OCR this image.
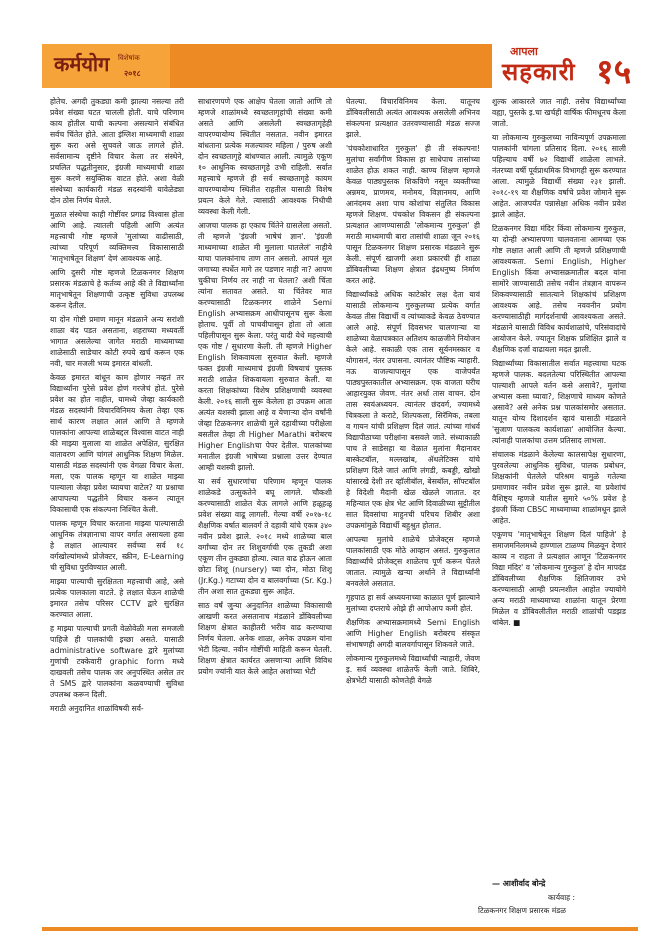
कर्मयोग विशेषांक
२०१८
आपला
सहकारी १५

होतेच. अगदी तुकड्या कमी झाल्या नसल्या तरी प्रवेश संख्या घटत चालली होती. याचे परिणाम काय होतील याची कल्पना असल्याने संबंधित सर्वच चिंतेत होते. आता इंग्लिश माध्यमाची शाळा सुरू करा असे सुचवले जाऊ लागले होते. सर्वसामान्य दृष्टीने विचार केला तर संस्थेने, प्रचलित पद्धतीनुसार, इंग्रजी माध्यमाची शाळा सुरू करणे सयुक्तिक वाटत होते. अशा वेळी संस्थेच्या कार्यकारी मंडळ सदस्यांनी यावेळेड्या दोन ठोस निर्णय घेतले.

मुळात संस्थेचा काही गोष्टींवर प्रगाढ विश्वास होता आणि आहे. त्यातली पहिली आणि अत्यंत महत्त्वाची गोष्ट म्हणजे 'मुलांच्या वाढीसाठी, त्यांच्या परिपूर्ण व्यक्तिमत्त्व विकासासाठी 'मातृभाषेतून शिक्षण' देणं आवश्यक आहे.

आणि दुसरी गोष्ट म्हणजे टिळकनगर शिक्षण प्रसारक मंडळाचे हे कर्तव्य आहे की ते विद्यार्थ्यांना मातृभाषेतून शिक्षणाची उत्कृष्ट सुविधा उपलब्ध करून देतील.

या दोन गोष्टी प्रमाण मानून मंडळाने अन्य सरांशी शाळा बंद पडत असताना, शहराच्या मध्यवर्ती भागात असलेल्या जागेत मराठी माध्यमाच्या शाळेसाठी साडेचार कोटी रुपये खर्च करून एक नवी, चार मजली भव्य इमारत बांधली.

केवळ इमारत बांधून काम होणार नव्हतं तर विद्यार्थ्यांना पुरेसे प्रवेश होणं गरजेचं होतं. पुरेसे प्रवेश का होत नाहीत, यामध्ये जेव्हा कार्यकारी मंडळ सदस्यांनी विचारविनिमय केला तेव्हा एक सार्थ कारण लक्षात आलं आणि ते म्हणजे पालकांना आपल्या शाळेबद्दल विश्वास वाटत नाही की माझ्या मुलाला या शाळेत अपेक्षित, सुरक्षित वातावरण आणि चांगलं आधुनिक शिक्षण मिळेल. यासाठी मंडळ सदस्यांनी एक वेगळा विचार केला. मला, एक पालक म्हणून या शाळेत माझ्या पाल्याला जेव्हा प्रवेश घ्यायचा वाटेल? या प्रश्नाचा आपापल्या पद्धतीने विचार करून त्यातून विकासाची एक संकल्पना निश्चित केली.

पालक म्हणून विचार करताना माझ्या पाल्यासाठी आधुनिक तंत्रज्ञानाचा वापर वर्गात असायला हवा हे लक्षात आल्यावर सर्वच्या सर्व १८ वर्गखोल्यांमध्ये प्रोजेक्टर, स्क्रीन, E-Learning ची सुविधा पुरविण्यात आली.

माझ्या पाल्याची सुरक्षितता महत्त्वाची आहे, असे प्रत्येक पालकाला वाटते. हे लक्षात घेऊन शाळेची इमारत तसेच परिसर CCTV द्वारे सुरक्षित करण्यात आला.

ह माझ्या पाल्याची प्रगती वेळोवेळी मला समजली पाहिजे ही पालकांची इच्छा असते. यासाठी administrative software द्वारे मुलांच्या गुणांची टक्केवारी graphic form मध्ये दाखवली तसेच पालक जर अनुपस्थित असेल तर ते SMS द्वारे पालकांना कळवण्याची सुविधा उपलब्ध करून दिली.

मराठी अनुदानित शाळांविषयी सर्व-

साधारणपणे एक आक्षेप घेतला जातो आणि तो म्हणजे शाळांमध्ये स्वच्छतागृहांची संख्या कमी असते आणि असलेली स्वच्छतागृहेही वापरण्यायोग्य स्थितीत नसतात. नवीन इमारत बांधताना प्रत्येक मजल्यावर महिला / पुरुष अशी दोन स्वच्छतागृहे बांधण्यात आली. त्यामुळे एकूण १० आधुनिक स्वच्छतागृहे उभी राहिली. सर्वात महत्त्वाचे म्हणजे ही सर्व स्वच्छतागृहे कायम वापरण्यायोग्य स्थितीत राहतील यासाठी विशेष प्रयत्न केले गेले. त्यासाठी आवश्यक निधीची व्यवस्था केली गेली.

आजचा पालक हा एकाच चिंतेने ग्रासलेला असतो. ती म्हणजे 'इंग्रजी भाषेचं ज्ञान'. 'इंग्रजी माध्यमाच्या शाळेत मी मुलाला घातलेलं' नाहीये याचा पालकांनाच ताण तान असतो. आपलं मूल जगाच्या स्पर्धेत मागे तर पडणार नाही ना? आपण चुकीचा निर्णय तर नाही ना घेतला? अशी चिंता त्यांना सतावत असते. या चिंतेवर मात करण्यासाठी टिळकनगर शाळेने Semi English अभ्यासक्रम आधीपासूनच सुरू केला होताच. पूर्वी तो पाचवीपासून होता तो आता पहिलीपासून सुरू केला. परंतु यादी येथे महत्त्वाची एक गोष्ट / सुधारणा केली. ती म्हणजे Higher English शिकवायला सुरुवात केली. म्हणजे फक्त इंग्रजी माध्यमाचं इंग्रजी विषयाचं पुस्तक मराठी शाळेत शिकवायला सुरुवात केली. या करता शिक्षकांच्या विशेष प्रशिक्षणाची व्यवस्था केली. २०१६ साली सुरू केलेला हा उपक्रम आता अत्यंत यशस्वी झाला आहे व येणाऱ्या दोन वर्षांनी जेव्हा टिळकनगर शाळेची मुले दहावीच्या परीक्षेला बसतील तेव्हा ती Higher Marathi बरोबरच Higher Englishचा पेपर देतील. पालकांच्या मनातील इंग्रजी भाषेच्या प्रश्नाला उत्तर देण्यात आम्ही यशस्वी झालो.

या सर्व सुधारणांचा परिणाम म्हणून पालक शाळेकडे उत्सुकतेने बघू लागले. चौकशी करण्यासाठी शाळेत येऊ लागले आणि हळूहळू प्रवेश संख्या वाढू लागली. गेल्या वर्षी २०१७-१८ शैक्षणिक वर्षात बालवर्ग ते दहावी यांचे एकत्र ३४० नवीन प्रवेश झाले. २०१८ मध्ये शाळेच्या बाल वर्गांच्या दोन तर शिशुवर्गाची एक तुकडी अशा एकूण तीन तुकड्या होत्या. त्यात वाढ होऊन आता छोटा शिशू (nursery) च्या दोन, मोठा शिशू (Jr.Kg.) गटाच्या दोन व बालवर्गाच्या (Sr. Kg.) तीन अशा सात तुकड्या सुरू आहेत.

साठ वर्षं जुन्या अनुदानित शाळेच्या विकासाची आखणी करत असतानाच मंडळाने डोंबिवलीच्या शिक्षण क्षेत्रात काहीतरी भरीव वाढ करण्याचा निर्णय घेतला. अनेक शाळा, अनेक उपक्रम यांना भेटी दिल्या. नवीन गोष्टींची माहिती करून घेतली. शिक्षण क्षेत्रात कार्यरत असणाऱ्या आणि विविध प्रयोग ज्यांनी यात केले आहेत अशांच्या भेटी

घेतल्या. विचारविनिमय केला. यातूनच डोंबिवलीसाठी अत्यंत आवश्यक असलेली अभिनव संकल्पना प्रत्यक्षात उतरवण्यासाठी मंडळ सज्ज झाले.

'पंचकोशाधारित गुरुकुल' ही ती संकल्पना! मुलांचा सर्वांगीण विकास हा साधेपाच तासांच्या शाळेत होऊ शकत नाही. काण्य शिक्षण म्हणजे केवळ पाठ्यपुस्तक शिकविणे नसून व्यक्तीच्या अन्नमय, प्राणमय, मनोमय, विज्ञानमय, आणि आनंदमय अशा पाच कोशांचा संतुलित विकास म्हणजे शिक्षण. पंचकोश विकसन ही संकल्पना प्रत्यक्षात आणण्यासाठी 'लोकमान्य गुरुकुल' ही मराठी माध्यमाची बारा तासांची शाळा जून २०१६ पासून टिळकनगर शिक्षण प्रसारक मंडळाने सुरू केली. संपूर्ण खाजगी अशा प्रकारची ही शाळा डोंबिवलीच्या शिक्षण क्षेत्रात इंद्रधनुष्य निर्माण करत आहे.

विद्यार्थ्यांकडे अधिक काटेकोर लक्ष देता यावं यासाठी लोकमान्य गुरुकुलच्या प्रत्येक वर्गात केवळ तीस विद्यार्थी व त्यांच्याकडे केवळ ठेवण्यात आले आहे. संपूर्ण दिवसभर चालणाऱ्या या शाळेच्या वेळापत्रकात अतिशय काळजीने नियोजन केले आहे. सकाळी एक तास सूर्यनमस्कार व योगासनं, नंतर उपासना. त्यानंतर पौष्टिक न्याहारी. नऊ वाजल्यापासून एक वाजेपर्यंत पाठ्यपुस्तकातील अभ्यासक्रम. एक वाजता घरीच आहारयुक्त जेवण. नंतर अर्धा तास वाचन. दोन तास स्वयंअध्ययन. त्यानंतर छंदवर्ग, ज्यामध्ये चित्रकला ते कराटे, शिल्पकला, सिरॅमिक, तबला व गायन यांची प्रशिक्षण दिलं जातं. त्यांच्या गांधर्व विद्यापीठाच्या परीक्षांना बसवले जाते. संध्याकाळी पाच ते साडेसहा या वेळात मुलांना मैदानावर बास्केटबॉल, मल्लखांब, ॲथलेटिक्स यांचे प्रशिक्षण दिले जातं आणि लंगडी, कबड्डी, खोखो यांसारखे देशी तर व्हॉलीबॉल, बेसबॉल, सॉफ्टबॉल हे विदेशी मैदानी खेळ खेळले जातात. दर महिन्यात एक क्षेत्र भेट आणि दिवाळीच्या सुट्टीतील सात दिवसांचा माहुनची परिचय शिबीर अशा उपक्रमांमुळे विद्यार्थी बहुश्रुत होतात.

आपल्या मुलांचे शाळेचे प्रोजेक्ट्स म्हणजे पालकांसाठी एक मोठे आव्हान असतं. गुरुकुलात विद्यार्थ्यांचे प्रोजेक्ट्स शाळेतच पूर्ण करून घेतले जातात. त्यामुळे खऱ्या अर्थाने ते विद्यार्थ्यांनी बनवलेले असतात.

गृहपाठ हा सर्व अध्ययनाच्या काळात पूर्ण झाल्याने मुलांच्या दप्तराचे ओझे ही आपोआप कमी होतं.

शैक्षणिक अभ्यासक्रमामध्ये Semi English आणि Higher English बरोबरच संस्कृत संभाषणही अगदी बालवर्गापासून शिकवले जाते.

लोकमान्य गुरुकुलमध्ये विद्यार्थ्यांची न्याहारी, जेवण इ. सर्व व्यवस्था शाळेतर्फे केली जाते. शिबिरे, क्षेत्रभेटी यासाठी कोणतेही वेगळे

शुल्क आकारले जात नाही. तसेच विद्यार्थ्यांच्या वह्या, पुस्तके इ.चा खर्चही वार्षिक फीमधूनच केला जातो.

या लोकमान्य गुरुकुलच्या नाविन्यपूर्ण उपक्रमाला पालकांनी चांगला प्रतिसाद दिला. २०१६ साली पहिल्याच वर्षी ७२ विद्यार्थी शाळेला लाभले. नंतरच्या वर्षी पूर्वप्राथमिक विभागही सुरू करण्यात आला. त्यामुळे विद्यार्थी संख्या २३१ झाली. २०१८-१९ या शैक्षणिक वर्षाचे प्रवेश जोमाने सुरू आहेत. आजपर्यंत पन्नासेक्षा अधिक नवीन प्रवेश झाले आहेत.

टिळकनगर विद्या मंदिर किंवा लोकमान्य गुरुकुल, या दोन्ही अभ्यासपणा चालवताना आमच्या एक गोष्ट लक्षात आली आणि ती म्हणजे प्रशिक्षणाची आवश्यकता. Semi English, Higher English किंवा अभ्यासक्रमातील बदल यांना सामोरे जाण्यासाठी तसेच नवीन तंत्रज्ञान वापरून शिकवण्यासाठी सातत्याने शिक्षकांचं प्रशिक्षण आवश्यक आहे. तसेच नववनीन प्रयोग करण्यासाठीही मार्गदर्शनाची आवश्यकता असते. मंडळाने यासाठी विविध कार्यशाळांचे, परिसंवादांचे आयोजन केले. ज्यातून शिक्षक प्रशिक्षित झाले व शैक्षणिक दर्जा वाढायला मदत झाली.

विद्यार्थ्यांच्या विकासातील सर्वात महत्त्वाचा घटक म्हणजे पालक. बदलतेल्या परिस्थितीत आपल्या पाल्याशी आपले वर्तन कसे असावे?, मुलांचा अभ्यास कसा घ्यावा?, शिक्षणाचे माध्यम कोणते असावे? असे अनेक प्रश्न पालकांसमोर असतात. यातून योग्य दिशादर्शन व्हावं यासाठी मंडळाने 'सुजाण पालकत्व कार्यशाळा' आयोजित केल्या. त्यांनाही पालकांचा उत्तम प्रतिसाद लाभला.

संचालक मंडळाने केलेल्या कालसापेक्ष सुधारणा, पुरवलेल्या आधुनिक सुविधा, पालक प्रबोधन, शिक्षकांनी घेतलेले परिश्रम यामुळे गतेल्या प्रमाणावर नवीन प्रवेश सुरू झाले. या प्रवेशांचं वैशिष्ट्य म्हणजे यातील सुमारे ५०% प्रवेश हे इंग्रजी किंवा CBSC माध्यमाच्या शाळांमधून झाले आहेत.

एकूणच 'मातृभाषेतून शिक्षण दिलं पाहिजे' हे समाजमनिलमध्ये हाण्णाल टाळण्य मिळवून देणारं काव्य न राहता ते प्रत्यक्षात आणून 'टिळकनगर विद्या मंदिर' व 'लोकमान्य गुरुकुल' हे दोन मापदंड डोंबिवलीच्या शैक्षणिक क्षितिजावर उभे करण्यासाठी आम्ही प्रयत्नशील आहोत ज्यायोगे अन्य मराठी माध्यमाच्या शाळांना यातून प्रेरणा मिळेल व डोंबिवलीतील मराठी शाळांची पडझड थांबेल. ■

— आशीर्वाद बोन्द्रे
कार्यवाह :
टिळकनगर शिक्षण प्रसारक मंडळ
